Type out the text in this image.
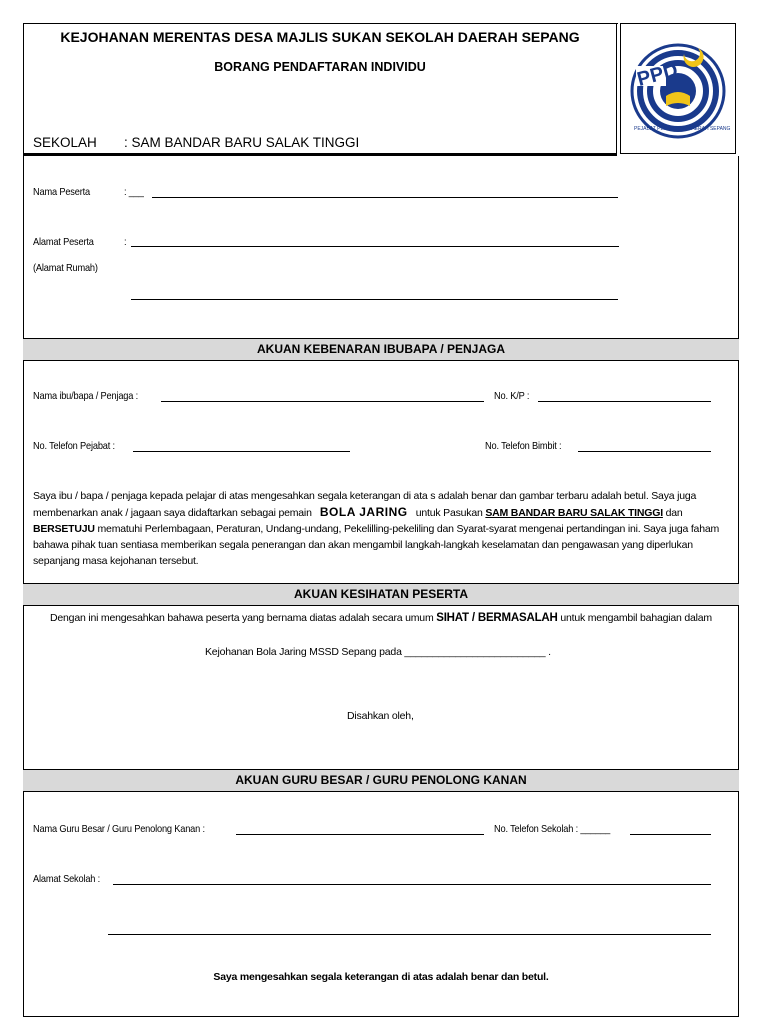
PPD
PEJABAT PELAJARAN DAERAH SEPANG
KEJOHANAN MERENTAS DESA MAJLIS SUKAN SEKOLAH DAERAH SEPANG
BORANG PENDAFTARAN INDIVIDU
SEKOLAH : SAM BANDAR BARU SALAK TINGGI
Nama Peserta	: ___
Alamat Peserta	:
(Alamat Rumah)
AKUAN KEBENARAN IBUBAPA / PENJAGA
Nama ibu/bapa / Penjaga :	No. K/P :
No. Telefon Pejabat :	No. Telefon Bimbit :
Saya ibu / bapa / penjaga kepada pelajar di atas mengesahkan segala keterangan di ata s adalah benar dan gambar terbaru adalah betul. Saya juga
membenarkan anak / jagaan saya didaftarkan sebagai pemain BOLA JARING untuk Pasukan SAM BANDAR BARU SALAK TINGGI dan
BERSETUJU mematuhi Perlembagaan, Peraturan, Undang-undang, Pekelilling-pekeliling dan Syarat-syarat mengenai pertandingan ini. Saya juga faham
bahawa pihak tuan sentiasa memberikan segala penerangan dan akan mengambil langkah-langkah keselamatan dan pengawasan yang diperlukan
sepanjang masa kejohanan tersebut.
AKUAN KESIHATAN PESERTA
Dengan ini mengesahkan bahawa peserta yang bernama diatas adalah secara umum SIHAT / BERMASALAH untuk mengambil bahagian dalam
Kejohanan Bola Jaring MSSD Sepang pada _________________________ .
Disahkan oleh,
AKUAN GURU BESAR / GURU PENOLONG KANAN
Nama Guru Besar / Guru Penolong Kanan :	No. Telefon Sekolah : ______
Alamat Sekolah :
Saya mengesahkan segala keterangan di atas adalah benar dan betul.
